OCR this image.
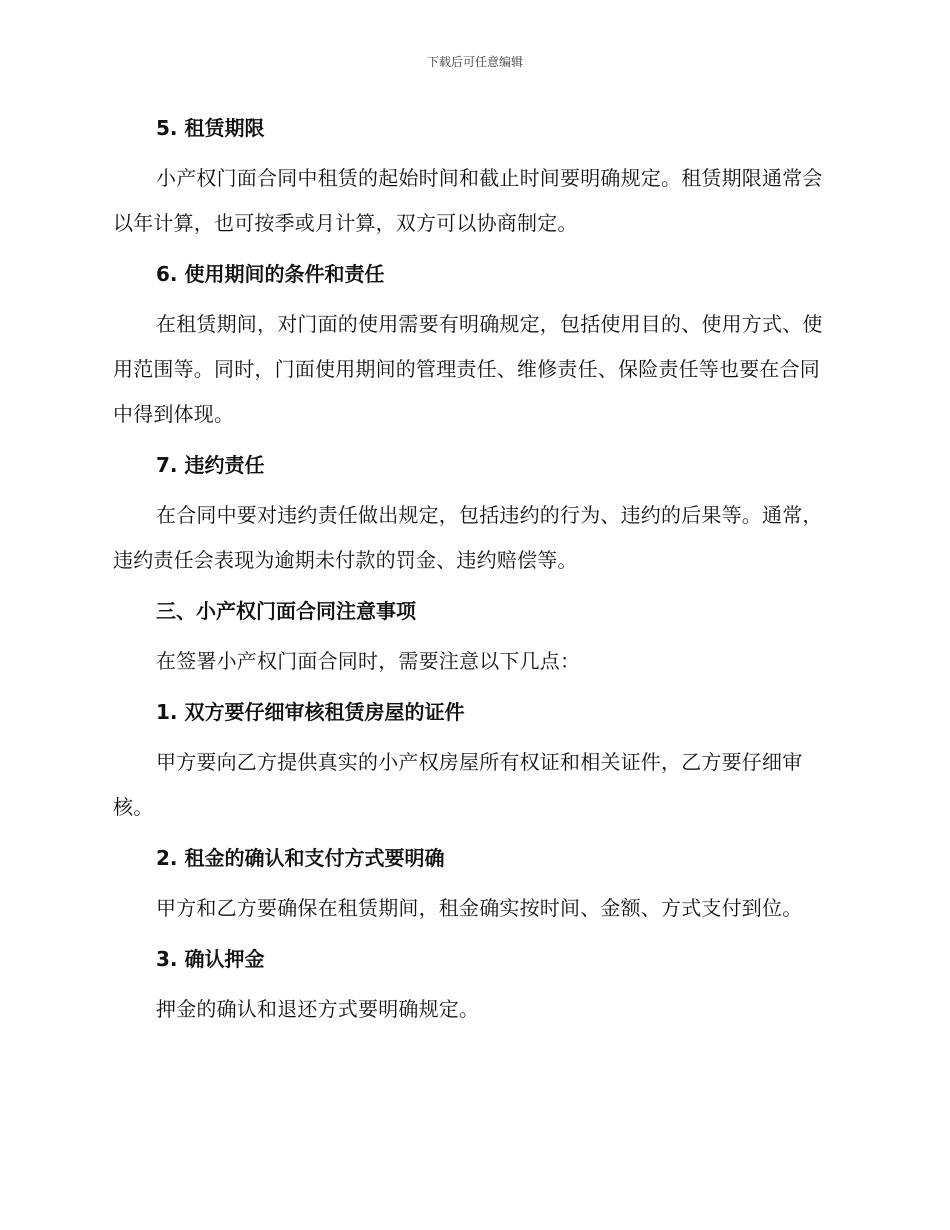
下载后可任意编辑
5. 租赁期限

小产权门面合同中租赁的起始时间和截止时间要明确规定。租赁期限通常会以年计算，也可按季或月计算，双方可以协商制定。

6. 使用期间的条件和责任

在租赁期间，对门面的使用需要有明确规定，包括使用目的、使用方式、使用范围等。同时，门面使用期间的管理责任、维修责任、保险责任等也要在合同中得到体现。

7. 违约责任

在合同中要对违约责任做出规定，包括违约的行为、违约的后果等。通常，违约责任会表现为逾期未付款的罚金、违约赔偿等。

三、小产权门面合同注意事项

在签署小产权门面合同时，需要注意以下几点：

1. 双方要仔细审核租赁房屋的证件

甲方要向乙方提供真实的小产权房屋所有权证和相关证件，乙方要仔细审核。

2. 租金的确认和支付方式要明确

甲方和乙方要确保在租赁期间，租金确实按时间、金额、方式支付到位。

3. 确认押金

押金的确认和退还方式要明确规定。
